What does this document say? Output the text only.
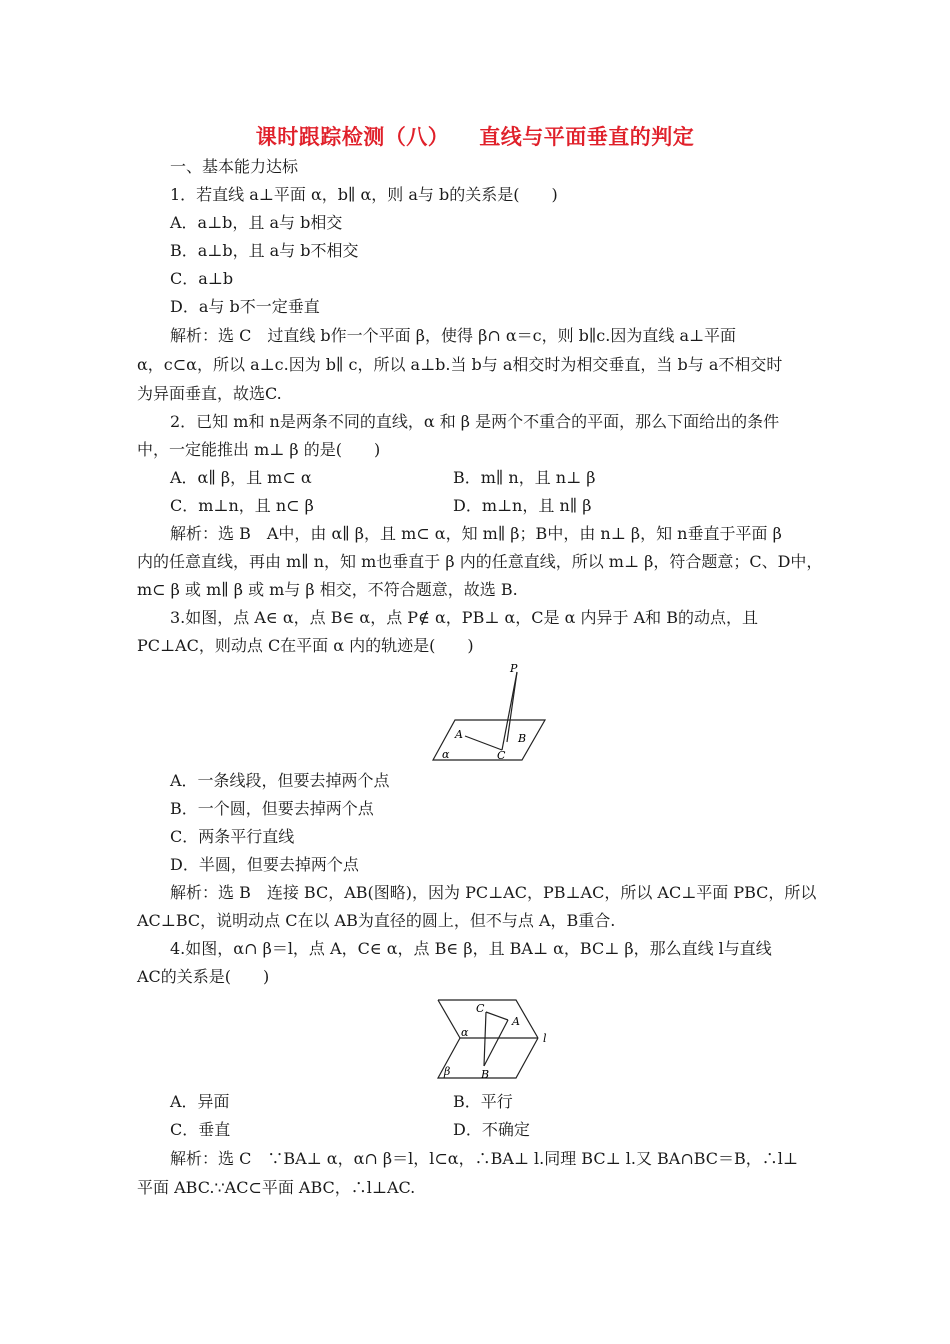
课时跟踪检测（八） 直线与平面垂直的判定
一、基本能力达标
1．若直线 a⊥平面 α，b∥ α，则 a与 b的关系是(　　)
A．a⊥b，且 a与 b相交
B．a⊥b，且 a与 b不相交
C．a⊥b
D．a与 b不一定垂直
解析：选 C　过直线 b作一个平面 β，使得 β∩ α＝c，则 b∥c.因为直线 a⊥平面
α，c⊂α，所以 a⊥c.因为 b∥ c，所以 a⊥b.当 b与 a相交时为相交垂直，当 b与 a不相交时
为异面垂直，故选C.
2．已知 m和 n是两条不同的直线，α 和 β 是两个不重合的平面，那么下面给出的条件
中，一定能推出 m⊥ β 的是(　　)
A．α∥ β，且 m⊂ α	B．m∥ n，且 n⊥ β
C．m⊥n，且 n⊂ β	D．m⊥n，且 n∥ β
解析：选 B　A中，由 α∥ β，且 m⊂ α，知 m∥ β；B中，由 n⊥ β，知 n垂直于平面 β
内的任意直线，再由 m∥ n，知 m也垂直于 β 内的任意直线，所以 m⊥ β，符合题意；C、D中，
m⊂ β 或 m∥ β 或 m与 β 相交，不符合题意，故选 B.
3.如图，点 A∈ α，点 B∈ α，点 P∉ α，PB⊥ α，C是 α 内异于 A和 B的动点，且
PC⊥AC，则动点 C在平面 α 内的轨迹是(　　)
P
A	B
C
α
A．一条线段，但要去掉两个点
B．一个圆，但要去掉两个点
C．两条平行直线
D．半圆，但要去掉两个点
解析：选 B　连接 BC，AB(图略)，因为 PC⊥AC，PB⊥AC，所以 AC⊥平面 PBC，所以
AC⊥BC，说明动点 C在以 AB为直径的圆上，但不与点 A，B重合.
4.如图，α∩ β＝l，点 A，C∈ α，点 B∈ β，且 BA⊥ α，BC⊥ β，那么直线 l与直线
AC的关系是(　　)
C
A
B
l
α
β
A．异面	B．平行
C．垂直	D．不确定
解析：选 C　∵BA⊥ α，α∩ β＝l，l⊂α，∴BA⊥ l.同理 BC⊥ l.又 BA∩BC＝B，∴l⊥
平面 ABC.∵AC⊂平面 ABC，∴l⊥AC.
